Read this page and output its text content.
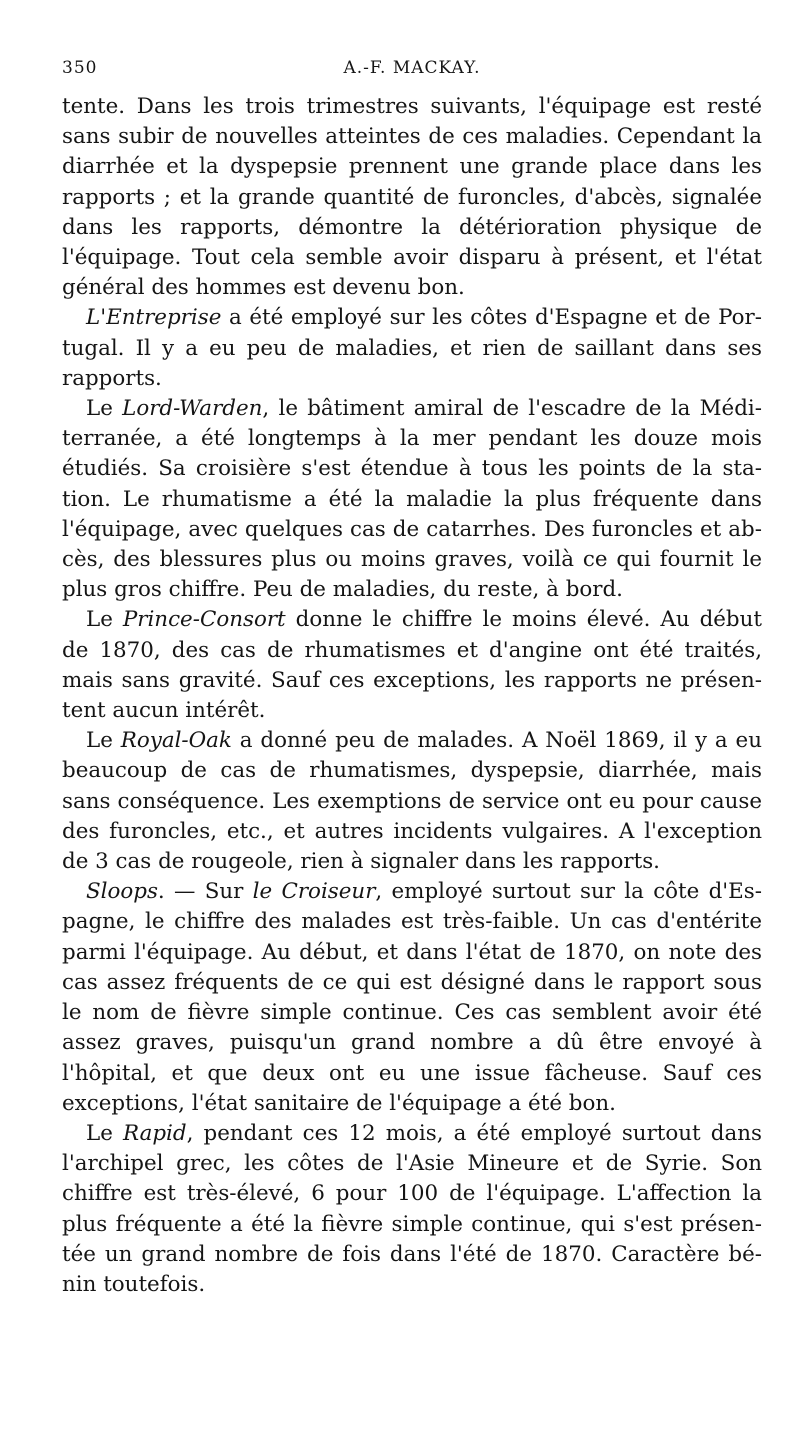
350	A.-F. MACKAY.

tente. Dans les trois trimestres suivants, l'équipage est resté sans subir de nouvelles atteintes de ces maladies. Cependant la diarrhée et la dyspepsie prennent une grande place dans les rapports ; et la grande quantité de furoncles, d'abcès, signalée dans les rapports, démontre la détérioration physique de l'équipage. Tout cela semble avoir disparu à présent, et l'état général des hommes est devenu bon.

L'Entreprise a été employé sur les côtes d'Espagne et de Portugal. Il y a eu peu de maladies, et rien de saillant dans ses rapports.

Le Lord-Warden, le bâtiment amiral de l'escadre de la Méditerranée, a été longtemps à la mer pendant les douze mois étudiés. Sa croisière s'est étendue à tous les points de la station. Le rhumatisme a été la maladie la plus fréquente dans l'équipage, avec quelques cas de catarrhes. Des furoncles et abcès, des blessures plus ou moins graves, voilà ce qui fournit le plus gros chiffre. Peu de maladies, du reste, à bord.

Le Prince-Consort donne le chiffre le moins élevé. Au début de 1870, des cas de rhumatismes et d'angine ont été traités, mais sans gravité. Sauf ces exceptions, les rapports ne présentent aucun intérêt.

Le Royal-Oak a donné peu de malades. A Noël 1869, il y a eu beaucoup de cas de rhumatismes, dyspepsie, diarrhée, mais sans conséquence. Les exemptions de service ont eu pour cause des furoncles, etc., et autres incidents vulgaires. A l'exception de 3 cas de rougeole, rien à signaler dans les rapports.

Sloops. — Sur le Croiseur, employé surtout sur la côte d'Espagne, le chiffre des malades est très-faible. Un cas d'entérite parmi l'équipage. Au début, et dans l'état de 1870, on note des cas assez fréquents de ce qui est désigné dans le rapport sous le nom de fièvre simple continue. Ces cas semblent avoir été assez graves, puisqu'un grand nombre a dû être envoyé à l'hôpital, et que deux ont eu une issue fâcheuse. Sauf ces exceptions, l'état sanitaire de l'équipage a été bon.

Le Rapid, pendant ces 12 mois, a été employé surtout dans l'archipel grec, les côtes de l'Asie Mineure et de Syrie. Son chiffre est très-élevé, 6 pour 100 de l'équipage. L'affection la plus fréquente a été la fièvre simple continue, qui s'est présentée un grand nombre de fois dans l'été de 1870. Caractère bénin toutefois.
